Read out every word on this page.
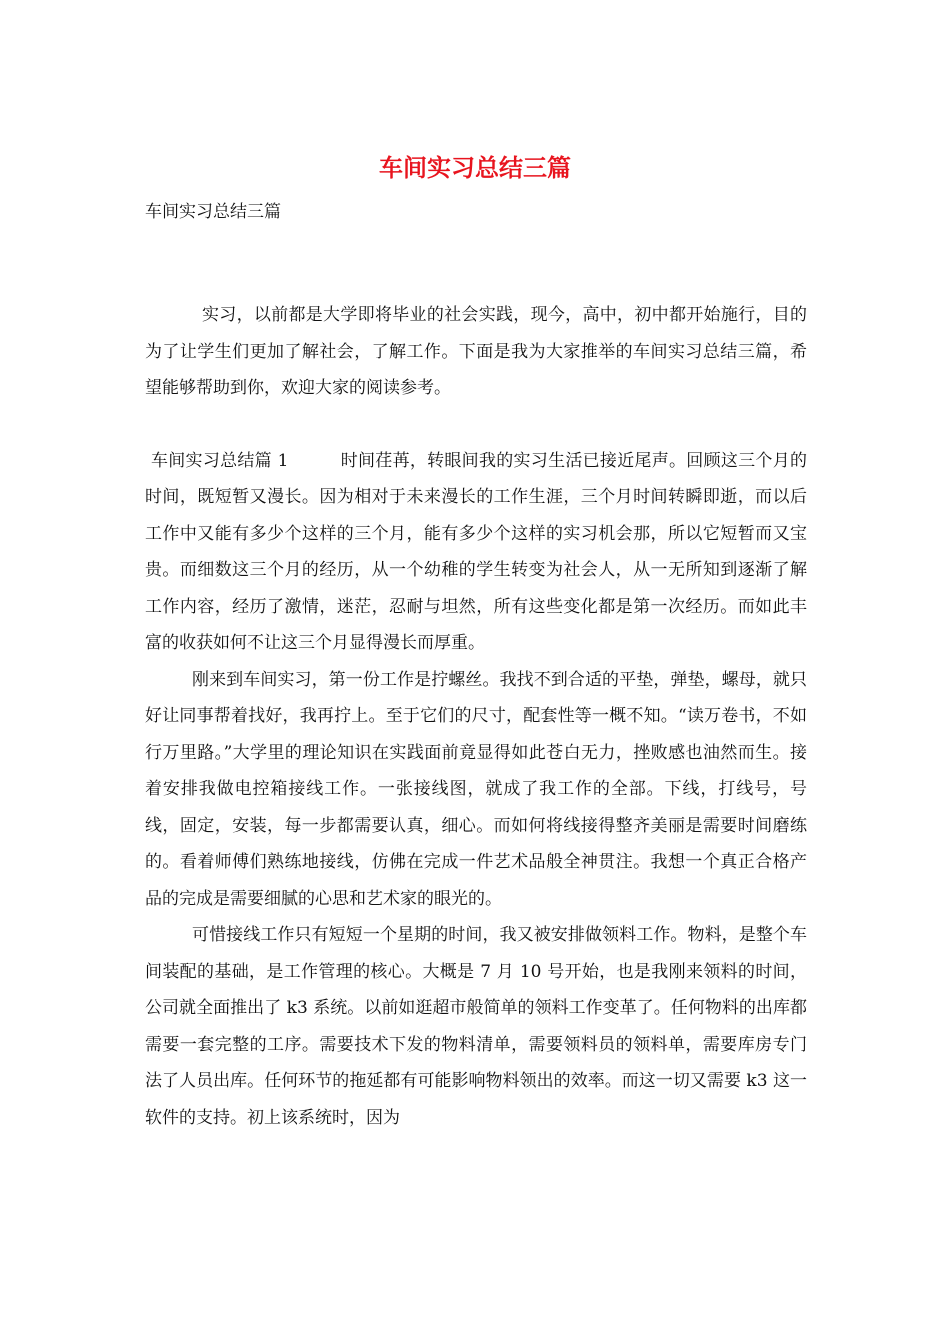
车间实习总结三篇

车间实习总结三篇

实习，以前都是大学即将毕业的社会实践，现今，高中，初中都开始施行，目的为了让学生们更加了解社会，了解工作。下面是我为大家推举的车间实习总结三篇，希望能够帮助到你，欢迎大家的阅读参考。

车间实习总结篇 1	时间荏苒，转眼间我的实习生活已接近尾声。回顾这三个月的时间，既短暂又漫长。因为相对于未来漫长的工作生涯，三个月时间转瞬即逝，而以后工作中又能有多少个这样的三个月，能有多少个这样的实习机会那，所以它短暂而又宝贵。而细数这三个月的经历，从一个幼稚的学生转变为社会人，从一无所知到逐渐了解工作内容，经历了激情，迷茫，忍耐与坦然，所有这些变化都是第一次经历。而如此丰富的收获如何不让这三个月显得漫长而厚重。

刚来到车间实习，第一份工作是拧螺丝。我找不到合适的平垫，弹垫，螺母，就只好让同事帮着找好，我再拧上。至于它们的尺寸，配套性等一概不知。“读万卷书，不如行万里路。”大学里的理论知识在实践面前竟显得如此苍白无力，挫败感也油然而生。接着安排我做电控箱接线工作。一张接线图，就成了我工作的全部。下线，打线号，号线，固定，安装，每一步都需要认真，细心。而如何将线接得整齐美丽是需要时间磨练的。看着师傅们熟练地接线，仿佛在完成一件艺术品般全神贯注。我想一个真正合格产品的完成是需要细腻的心思和艺术家的眼光的。

可惜接线工作只有短短一个星期的时间，我又被安排做领料工作。物料，是整个车间装配的基础，是工作管理的核心。大概是 7 月 10 号开始，也是我刚来领料的时间，公司就全面推出了 k3 系统。以前如逛超市般简单的领料工作变革了。任何物料的出库都需要一套完整的工序。需要技术下发的物料清单，需要领料员的领料单，需要库房专门法了人员出库。任何环节的拖延都有可能影响物料领出的效率。而这一切又需要 k3 这一软件的支持。初上该系统时，因为
